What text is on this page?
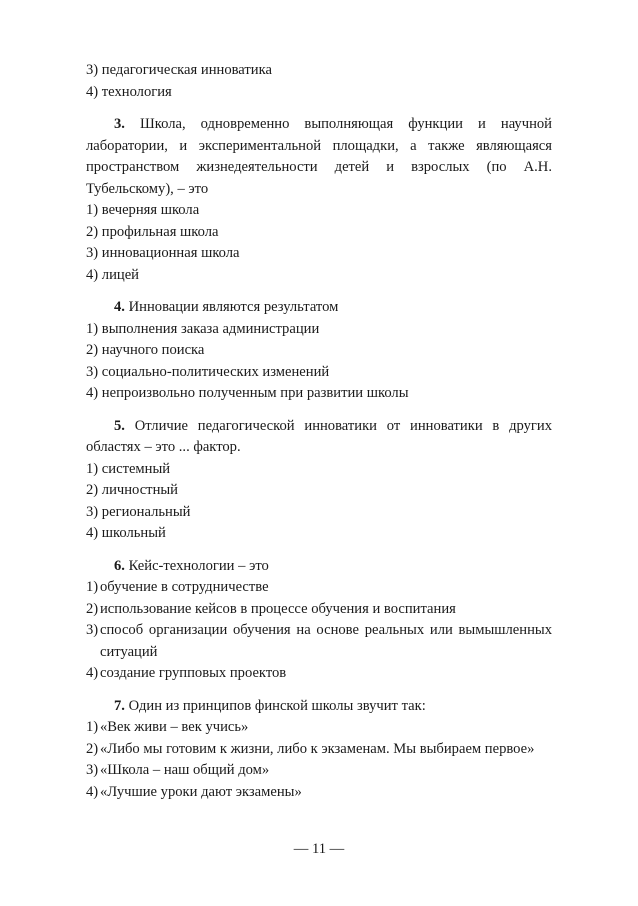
3) педагогическая инноватика

4) технология

3. Школа, одновременно выполняющая функции и научной лаборатории, и экспериментальной площадки, а также являющаяся пространством жизнедеятельности детей и взрослых (по А.Н. Тубельскому), – это

1) вечерняя школа

2) профильная школа

3) инновационная школа

4) лицей

4. Инновации являются результатом

1) выполнения заказа администрации

2) научного поиска

3) социально-политических изменений

4) непроизвольно полученным при развитии школы

5. Отличие педагогической инноватики от инноватики в других областях – это ... фактор.

1) системный

2) личностный

3) региональный

4) школьный

6. Кейс-технологии – это

1) обучение в сотрудничестве
2) использование кейсов в процессе обучения и воспитания
3) способ организации обучения на основе реальных или вымышленных ситуаций
4) создание групповых проектов

7. Один из принципов финской школы звучит так:

1) «Век живи – век учись»
2) «Либо мы готовим к жизни, либо к экзаменам. Мы выбираем первое»
3) «Школа – наш общий дом»
4) «Лучшие уроки дают экзамены»
— 11 —
